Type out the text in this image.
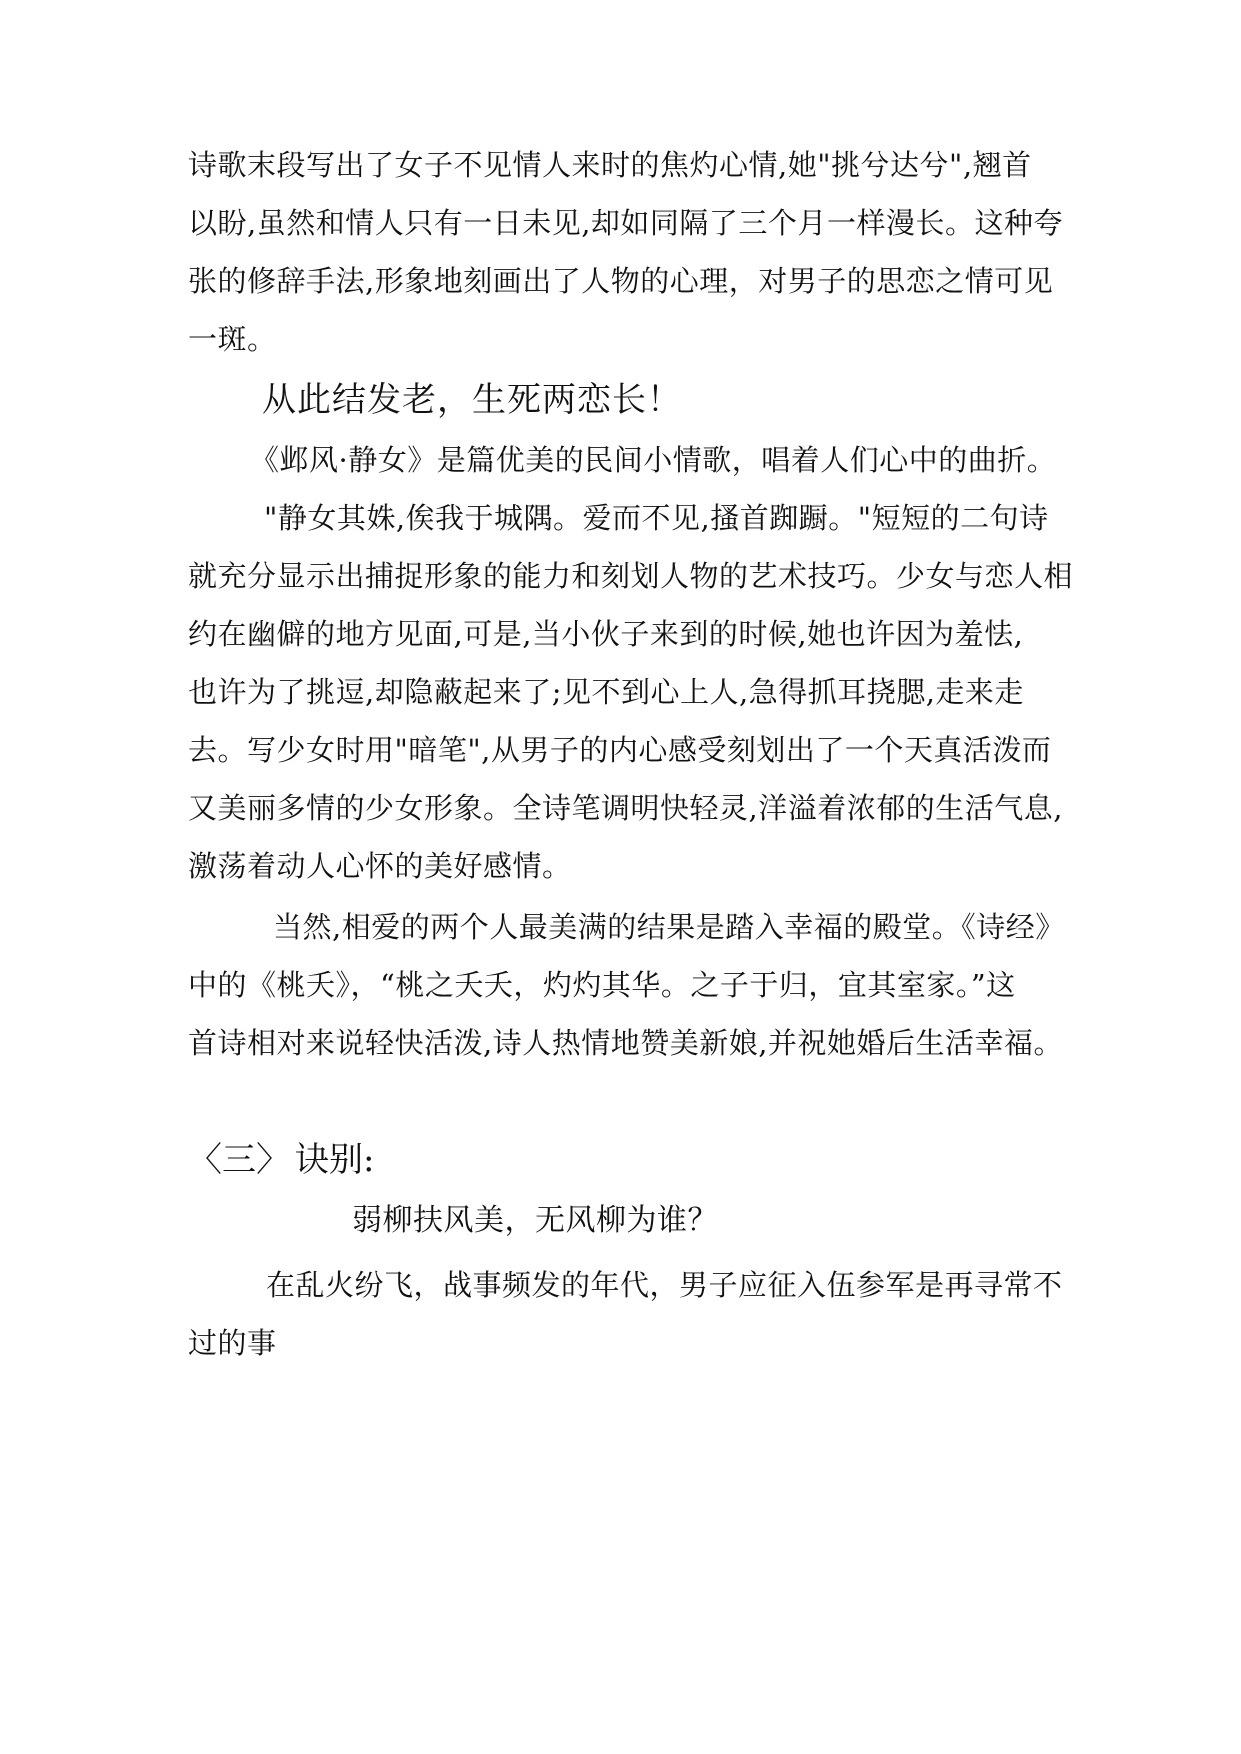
诗歌末段写出了女子不见情人来时的焦灼心情,她"挑兮达兮",翘首
以盼,虽然和情人只有一日未见,却如同隔了三个月一样漫长。这种夸
张的修辞手法,形象地刻画出了人物的心理，对男子的思恋之情可见
一斑。
从此结发老，生死两恋长！
《邺风·静女》是篇优美的民间小情歌，唱着人们心中的曲折。
"静女其姝,俟我于城隅。爱而不见,搔首踟蹰。"短短的二句诗
就充分显示出捕捉形象的能力和刻划人物的艺术技巧。少女与恋人相
约在幽僻的地方见面,可是,当小伙子来到的时候,她也许因为羞怯,
也许为了挑逗,却隐蔽起来了;见不到心上人,急得抓耳挠腮,走来走
去。写少女时用"暗笔",从男子的内心感受刻划出了一个天真活泼而
又美丽多情的少女形象。全诗笔调明快轻灵,洋溢着浓郁的生活气息,
激荡着动人心怀的美好感情。
当然,相爱的两个人最美满的结果是踏入幸福的殿堂。《诗经》
中的《桃夭》，“桃之夭夭，灼灼其华。之子于归，宜其室家。”这
首诗相对来说轻快活泼,诗人热情地赞美新娘,并祝她婚后生活幸福。
〈三〉 诀别:
弱柳扶风美，无风柳为谁？
在乱火纷飞，战事频发的年代，男子应征入伍参军是再寻常不
过的事
